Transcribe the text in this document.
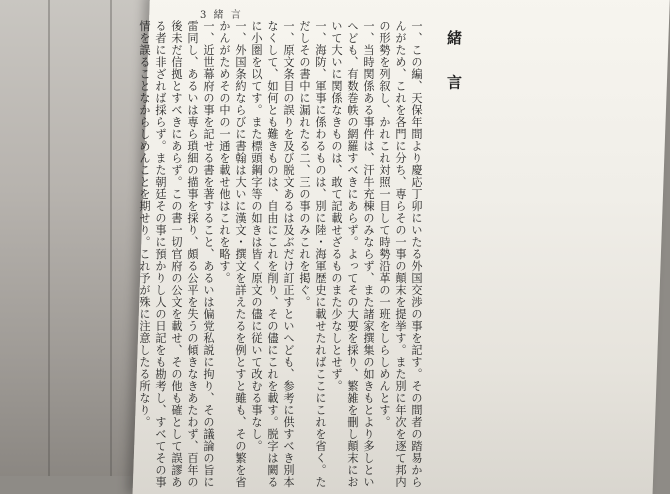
3 緒 言
緒 言

一、この編、天保年間より慶応丁卯にいたる外国交渉の事を記す。その間者の踏易からんがため、これを各門に分ち、専らその一事の顛末を提挙す。また別に年次を逐て邦内の形勢を列叙し、かれこれ対照一目して時勢沿革の一班をしらしめんとす。

一、当時関係ある事件は、汗牛充棟のみならず、また諸家撰集の如きもとより多しといへども、有数巻帙の網羅すべきにあらず。よってその大要を採り、繁雑を刪し顛末において大いに関係なきものは、敢て記載せざるものまた少なしとせず。

一、海防、軍事に係わるものは、別に陸・海軍歴史に載せたればここにこれを省く。ただしその書中に漏れたる二、三の事のみこれを掲ぐ。

一、原文条目の誤りを及び脱文あるは及ぶだけ訂正すといへども、参考に供すべき別本なくして、如何とも難きものは、自由にこれを削り、その儘にこれを載す。脱字は闕るに小圏を以てす。また標頭鋼字等の如きは皆く原文の儘に従いて改むる事なし。

一、外国条約ならびに書翰は大いに漢文・撰文を詳えたるを例とすと雖も、その繁を省かんがためその中の一通を載せ他はこれを略す。

一、近世幕府の事を記せる書を著すること、あるいは偏党私説に拘り、その議論の旨に雷同し、あるいは専ら瑣細の描事を採り、頗る公平を失うの傾きなきあたわず、百年の後未だ信拠とすべきにあらず。この書一切官府の公文を載せ、その他も確として誤謬ある者に非ざれば採らず。また朝廷その事に預かりし人の日記をも勘考し、すべてその事情を誤ることなからしめんことを期せり。これ予が殊に注意したる所なり。
